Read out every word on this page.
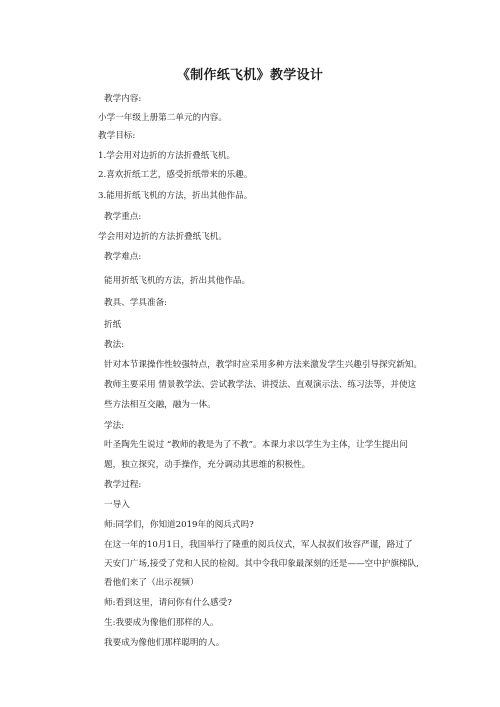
《制作纸飞机》教学设计
教学内容:
小学一年级上册第二单元的内容。
教学目标:
1.学会用对边折的方法折叠纸飞机。
2.喜欢折纸工艺，感受折纸带来的乐趣。
3.能用折纸飞机的方法，折出其他作品。
教学重点:
学会用对边折的方法折叠纸飞机。
教学难点:
能用折纸飞机的方法，折出其他作品。
教具、学具准备:
折纸
教法:
针对本节课操作性较强特点，教学时应采用多种方法来激发学生兴趣引导探究新知。
教师主要采用 情景教学法、尝试教学法、讲授法、直观演示法、练习法等，并使这
些方法相互交融，融为一体。
学法:
叶圣陶先生说过 “教师的教是为了不教”。本课力求以学生为主体，让学生提出问
题，独立探究，动手操作，充分调动其思维的积极性。
教学过程:
一导入
师:同学们，你知道2019年的阅兵式吗?
在这一年的10月1日，我国举行了隆重的阅兵仪式，军人叔叔们妆容严谨，路过了
天安门广场,接受了党和人民的检阅。其中令我印象最深刻的还是——空中护旗梯队,
看他们来了（出示视频）
师:看到这里，请问你有什么感受?
生:我要成为像他们那样的人。
我要成为像他们那样聪明的人。
